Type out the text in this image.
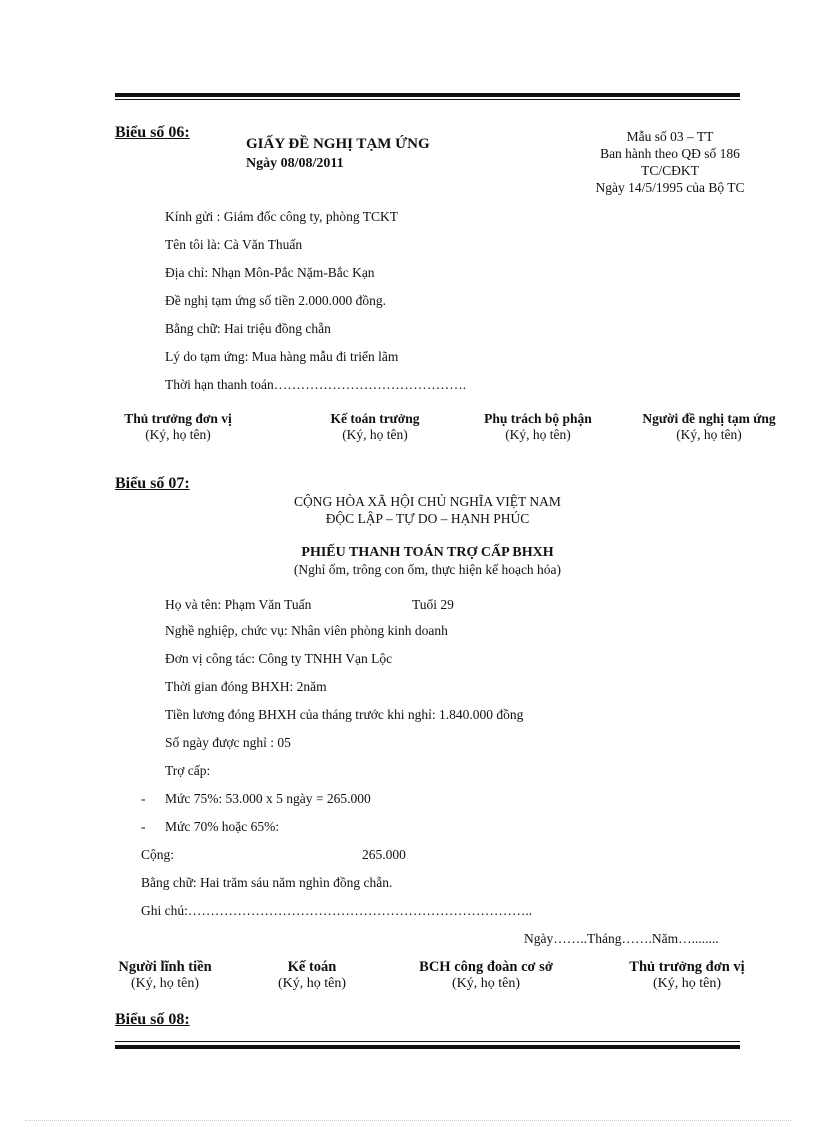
Biểu số 06:
GIẤY ĐỀ NGHỊ TẠM ỨNG
Ngày 08/08/2011
Mẫu số 03 – TT
Ban hành theo QĐ số 186
TC/CĐKT
Ngày 14/5/1995 của Bộ TC
Kính gửi : Giám đốc công ty, phòng TCKT
Tên tôi là: Cà Văn Thuấn
Địa chỉ: Nhạn Môn-Pắc Nặm-Bắc Kạn
Đề nghị tạm ứng số tiền 2.000.000 đồng.
Bằng chữ: Hai triệu đồng chẵn
Lý do tạm ứng: Mua hàng mẫu đi triển lãm
Thời hạn thanh toán…………………………………….
Thủ trưởng đơn vị
(Ký, họ tên)
Kế toán trưởng
(Ký, họ tên)
Phụ trách bộ phận
(Ký, họ tên)
Người đề nghị tạm ứng
(Ký, họ tên)
Biểu số 07:
CỘNG HÒA XÃ HỘI CHỦ NGHĨA VIỆT NAM
ĐỘC LẬP – TỰ DO – HẠNH PHÚC
PHIẾU THANH TOÁN TRỢ CẤP BHXH
(Nghỉ ốm, trông con ốm, thực hiện kế hoạch hóa)
Họ và tên: Phạm Văn Tuấn	Tuổi 29
Nghề nghiệp, chức vụ: Nhân viên phòng kinh doanh
Đơn vị công tác: Công ty TNHH Vạn Lộc
Thời gian đóng BHXH: 2năm
Tiền lương đóng BHXH của tháng trước khi nghỉ: 1.840.000 đồng
Số ngày được nghỉ : 05
Trợ cấp:
- Mức 75%: 53.000 x 5 ngày = 265.000
- Mức 70% hoặc 65%:
Cộng:	265.000
Bằng chữ: Hai trăm sáu năm nghìn đồng chẵn.
Ghi chú:…………………………………………………………………..
Ngày……..Tháng…….Năm…........
Người lĩnh tiền
(Ký, họ tên)
Kế toán
(Ký, họ tên)
BCH công đoàn cơ sở
(Ký, họ tên)
Thủ trưởng đơn vị
(Ký, họ tên)
Biểu số 08:
